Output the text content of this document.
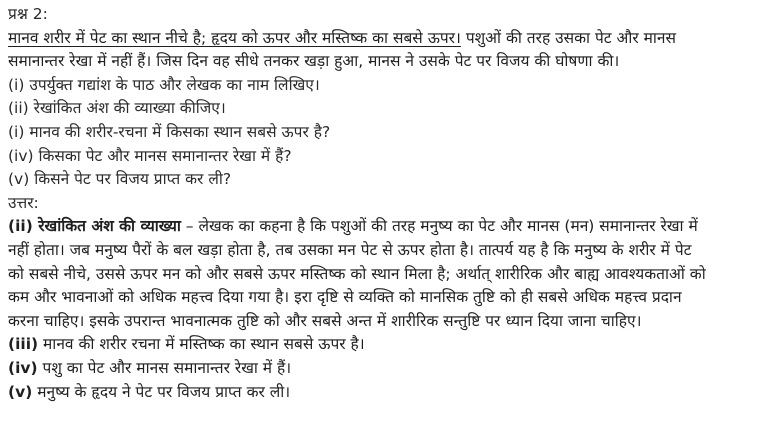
प्रश्न 2:
मानव शरीर में पेट का स्थान नीचे है; हृदय को ऊपर और मस्तिष्क का सबसे ऊपर। पशुओं की तरह उसका पेट और मानस
समानान्तर रेखा में नहीं हैं। जिस दिन वह सीधे तनकर खड़ा हुआ, मानस ने उसके पेट पर विजय की घोषणा की।
(i) उपर्युक्त गद्यांश के पाठ और लेखक का नाम लिखिए।
(ii) रेखांकित अंश की व्याख्या कीजिए।
(i) मानव की शरीर-रचना में किसका स्थान सबसे ऊपर है?
(iv) किसका पेट और मानस समानान्तर रेखा में हैं?
(v) किसने पेट पर विजय प्राप्त कर ली?
उत्तर:
(ii) रेखांकित अंश की व्याख्या – लेखक का कहना है कि पशुओं की तरह मनुष्य का पेट और मानस (मन) समानान्तर रेखा में
नहीं होता। जब मनुष्य पैरों के बल खड़ा होता है, तब उसका मन पेट से ऊपर होता है। तात्पर्य यह है कि मनुष्य के शरीर में पेट
को सबसे नीचे, उससे ऊपर मन को और सबसे ऊपर मस्तिष्क को स्थान मिला है; अर्थात् शारीरिक और बाह्य आवश्यकताओं को
कम और भावनाओं को अधिक महत्त्व दिया गया है। इरा दृष्टि से व्यक्ति को मानसिक तुष्टि को ही सबसे अधिक महत्त्व प्रदान
करना चाहिए। इसके उपरान्त भावनात्मक तुष्टि को और सबसे अन्त में शारीरिक सन्तुष्टि पर ध्यान दिया जाना चाहिए।
(iii) मानव की शरीर रचना में मस्तिष्क का स्थान सबसे ऊपर है।
(iv) पशु का पेट और मानस समानान्तर रेखा में हैं।
(v) मनुष्य के हृदय ने पेट पर विजय प्राप्त कर ली।
